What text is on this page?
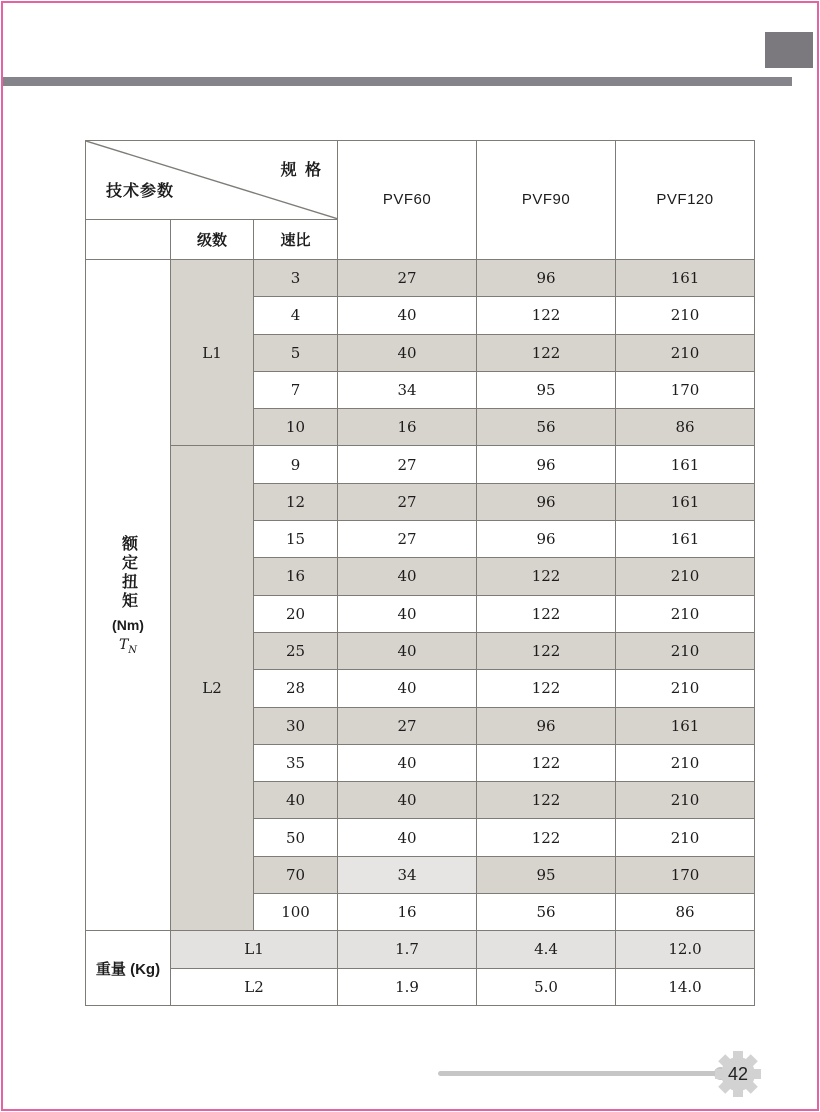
技术参数
规 格			PVF60	PVF90	PVF120
	级数	速比			

额定扭矩
(Nm)
$T_N$	L1	3	27	96	161
		4	40	122	210
		5	40	122	210
		7	34	95	170
		10	16	56	86
	L2	9	27	96	161
		12	27	96	161
		15	27	96	161
		16	40	122	210
		20	40	122	210
		25	40	122	210
		28	40	122	210
		30	27	96	161
		35	40	122	210
		40	40	122	210
		50	40	122	210
		70	34	95	170
		100	16	56	86
重量 (Kg)	L1		1.7	4.4	12.0
	L2		1.9	5.0	14.0
42
